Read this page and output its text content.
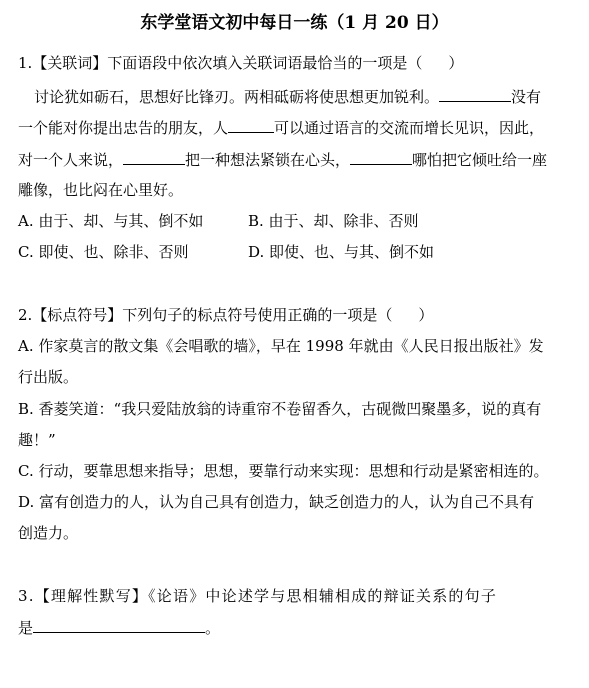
东学堂语文初中每日一练（1 月 20 日）
1.【关联词】下面语段中依次填入关联词语最恰当的一项是（ ）
讨论犹如砺石，思想好比锋刃。两相砥砺将使思想更加锐利。	没有
一个能对你提出忠告的朋友，人	可以通过语言的交流而增长见识，因此，
对一个人来说，	把一种想法紧锁在心头，	哪怕把它倾吐给一座
雕像，也比闷在心里好。
A. 由于、却、与其、倒不如	B. 由于、却、除非、否则
C. 即使、也、除非、否则	D. 即使、也、与其、倒不如
2.【标点符号】下列句子的标点符号使用正确的一项是（ ）
A. 作家莫言的散文集《会唱歌的墙》，早在 1998 年就由《人民日报出版社》发
行出版。
B. 香菱笑道：“我只爱陆放翁的诗重帘不卷留香久，古砚微凹聚墨多，说的真有
趣！”
C. 行动，要靠思想来指导；思想，要靠行动来实现：思想和行动是紧密相连的。
D. 富有创造力的人，认为自己具有创造力，缺乏创造力的人，认为自己不具有
创造力。
3.【理解性默写】《论语》中论述学与思相辅相成的辩证关系的句子
是	。
